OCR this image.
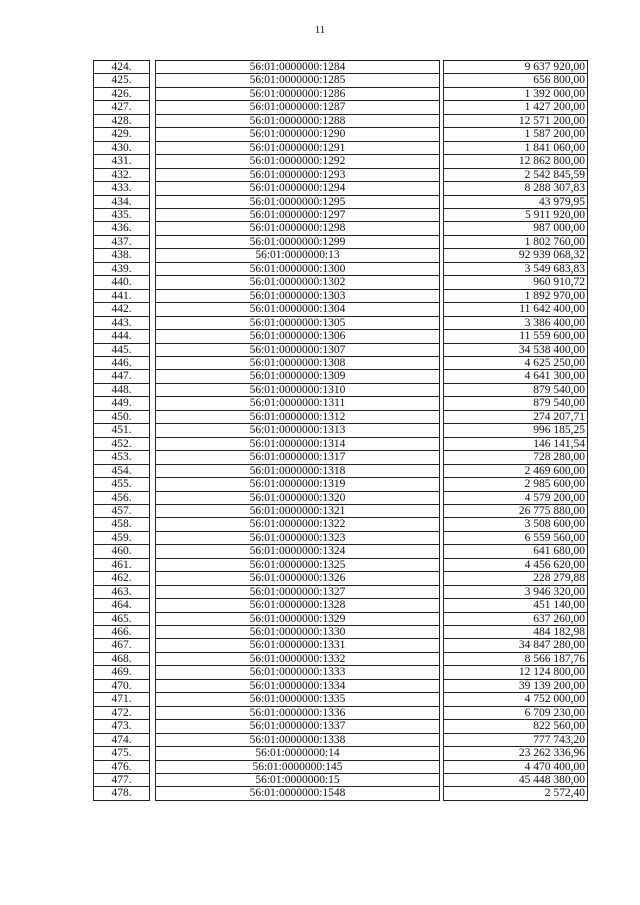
11
424.		56:01:0000000:1284		9 637 920,00
425.		56:01:0000000:1285		656 800,00
426.		56:01:0000000:1286		1 392 000,00
427.		56:01:0000000:1287		1 427 200,00
428.		56:01:0000000:1288		12 571 200,00
429.		56:01:0000000:1290		1 587 200,00
430.		56:01:0000000:1291		1 841 060,00
431.		56:01:0000000:1292		12 862 800,00
432.		56:01:0000000:1293		2 542 845,59
433.		56:01:0000000:1294		8 288 307,83
434.		56:01:0000000:1295		43 979,95
435.		56:01:0000000:1297		5 911 920,00
436.		56:01:0000000:1298		987 000,00
437.		56:01:0000000:1299		1 802 760,00
438.		56:01:0000000:13		92 939 068,32
439.		56:01:0000000:1300		3 549 683,83
440.		56:01:0000000:1302		960 910,72
441.		56:01:0000000:1303		1 892 970,00
442.		56:01:0000000:1304		11 642 400,00
443.		56:01:0000000:1305		3 386 400,00
444.		56:01:0000000:1306		11 559 600,00
445.		56:01:0000000:1307		34 538 400,00
446.		56:01:0000000:1308		4 625 250,00
447.		56:01:0000000:1309		4 641 300,00
448.		56:01:0000000:1310		879 540,00
449.		56:01:0000000:1311		879 540,00
450.		56:01:0000000:1312		274 207,71
451.		56:01:0000000:1313		996 185,25
452.		56:01:0000000:1314		146 141,54
453.		56:01:0000000:1317		728 280,00
454.		56:01:0000000:1318		2 469 600,00
455.		56:01:0000000:1319		2 985 600,00
456.		56:01:0000000:1320		4 579 200,00
457.		56:01:0000000:1321		26 775 880,00
458.		56:01:0000000:1322		3 508 600,00
459.		56:01:0000000:1323		6 559 560,00
460.		56:01:0000000:1324		641 680,00
461.		56:01:0000000:1325		4 456 620,00
462.		56:01:0000000:1326		228 279,88
463.		56:01:0000000:1327		3 946 320,00
464.		56:01:0000000:1328		451 140,00
465.		56:01:0000000:1329		637 260,00
466.		56:01:0000000:1330		484 182,98
467.		56:01:0000000:1331		34 847 280,00
468.		56:01:0000000:1332		8 566 187,76
469.		56:01:0000000:1333		12 124 800,00
470.		56:01:0000000:1334		39 139 200,00
471.		56:01:0000000:1335		4 752 000,00
472.		56:01:0000000:1336		6 709 230,00
473.		56:01:0000000:1337		822 560,00
474.		56:01:0000000:1338		777 743,20
475.		56:01:0000000:14		23 262 336,96
476.		56:01:0000000:145		4 470 400,00
477.		56:01:0000000:15		45 448 380,00
478.		56:01:0000000:1548		2 572,40
